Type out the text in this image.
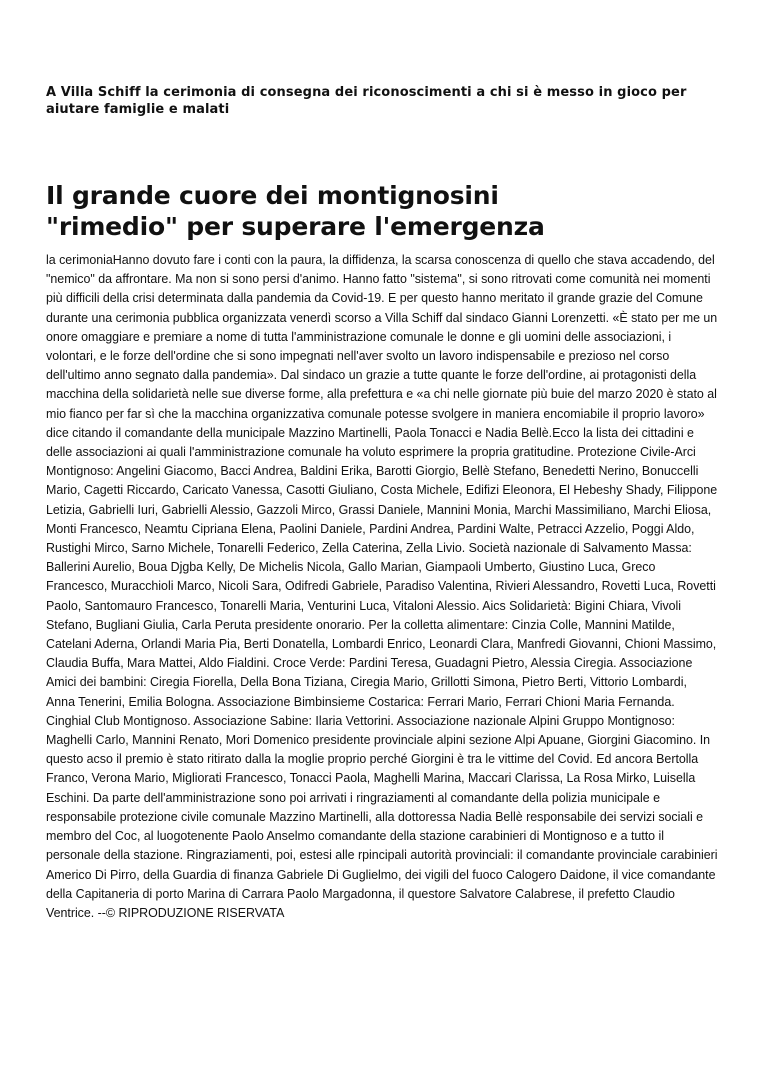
A Villa Schiff la cerimonia di consegna dei riconoscimenti a chi si è messo in gioco per aiutare famiglie e malati

Il grande cuore dei montignosini
"rimedio" per superare l'emergenza

la cerimoniaHanno dovuto fare i conti con la paura, la diffidenza, la scarsa conoscenza di quello che stava accadendo, del "nemico" da affrontare. Ma non si sono persi d'animo. Hanno fatto "sistema", si sono ritrovati come comunità nei momenti più difficili della crisi determinata dalla pandemia da Covid-19. E per questo hanno meritato il grande grazie del Comune durante una cerimonia pubblica organizzata venerdì scorso a Villa Schiff dal sindaco Gianni Lorenzetti. «È stato per me un onore omaggiare e premiare a nome di tutta l'amministrazione comunale le donne e gli uomini delle associazioni, i volontari, e le forze dell'ordine che si sono impegnati nell'aver svolto un lavoro indispensabile e prezioso nel corso dell'ultimo anno segnato dalla pandemia». Dal sindaco un grazie a tutte quante le forze dell'ordine, ai protagonisti della macchina della solidarietà nelle sue diverse forme, alla prefettura e «a chi nelle giornate più buie del marzo 2020 è stato al mio fianco per far sì che la macchina organizzativa comunale potesse svolgere in maniera encomiabile il proprio lavoro» dice citando il comandante della municipale Mazzino Martinelli, Paola Tonacci e Nadia Bellè.Ecco la lista dei cittadini e delle associazioni ai quali l'amministrazione comunale ha voluto esprimere la propria gratitudine. Protezione Civile-Arci Montignoso: Angelini Giacomo, Bacci Andrea, Baldini Erika, Barotti Giorgio, Bellè Stefano, Benedetti Nerino, Bonuccelli Mario, Cagetti Riccardo, Caricato Vanessa, Casotti Giuliano, Costa Michele, Edifizi Eleonora, El Hebeshy Shady, Filippone Letizia, Gabrielli Iuri, Gabrielli Alessio, Gazzoli Mirco, Grassi Daniele, Mannini Monia, Marchi Massimiliano, Marchi Eliosa, Monti Francesco, Neamtu Cipriana Elena, Paolini Daniele, Pardini Andrea, Pardini Walte, Petracci Azzelio, Poggi Aldo, Rustighi Mirco, Sarno Michele, Tonarelli Federico, Zella Caterina, Zella Livio. Società nazionale di Salvamento Massa: Ballerini Aurelio, Boua Djgba Kelly, De Michelis Nicola, Gallo Marian, Giampaoli Umberto, Giustino Luca, Greco Francesco, Muracchioli Marco, Nicoli Sara, Odifredi Gabriele, Paradiso Valentina, Rivieri Alessandro, Rovetti Luca, Rovetti Paolo, Santomauro Francesco, Tonarelli Maria, Venturini Luca, Vitaloni Alessio. Aics Solidarietà: Bigini Chiara, Vivoli Stefano, Bugliani Giulia, Carla Peruta presidente onorario. Per la colletta alimentare: Cinzia Colle, Mannini Matilde, Catelani Aderna, Orlandi Maria Pia, Berti Donatella, Lombardi Enrico, Leonardi Clara, Manfredi Giovanni, Chioni Massimo, Claudia Buffa, Mara Mattei, Aldo Fialdini. Croce Verde: Pardini Teresa, Guadagni Pietro, Alessia Ciregia. Associazione Amici dei bambini: Ciregia Fiorella, Della Bona Tiziana, Ciregia Mario, Grillotti Simona, Pietro Berti, Vittorio Lombardi, Anna Tenerini, Emilia Bologna. Associazione Bimbinsieme Costarica: Ferrari Mario, Ferrari Chioni Maria Fernanda. Cinghial Club Montignoso. Associazione Sabine: Ilaria Vettorini. Associazione nazionale Alpini Gruppo Montignoso: Maghelli Carlo, Mannini Renato, Mori Domenico presidente provinciale alpini sezione Alpi Apuane, Giorgini Giacomino. In questo acso il premio è stato ritirato dalla la moglie proprio perché Giorgini è tra le vittime del Covid. Ed ancora Bertolla Franco, Verona Mario, Migliorati Francesco, Tonacci Paola, Maghelli Marina, Maccari Clarissa, La Rosa Mirko, Luisella Eschini. Da parte dell'amministrazione sono poi arrivati i ringraziamenti al comandante della polizia municipale e responsabile protezione civile comunale Mazzino Martinelli, alla dottoressa Nadia Bellè responsabile dei servizi sociali e membro del Coc, al luogotenente Paolo Anselmo comandante della stazione carabinieri di Montignoso e a tutto il personale della stazione. Ringraziamenti, poi, estesi alle rpincipali autorità provinciali: il comandante provinciale carabinieri Americo Di Pirro, della Guardia di finanza Gabriele Di Guglielmo, dei vigili del fuoco Calogero Daidone, il vice comandante della Capitaneria di porto Marina di Carrara Paolo Margadonna, il questore Salvatore Calabrese, il prefetto Claudio Ventrice. --© RIPRODUZIONE RISERVATA
